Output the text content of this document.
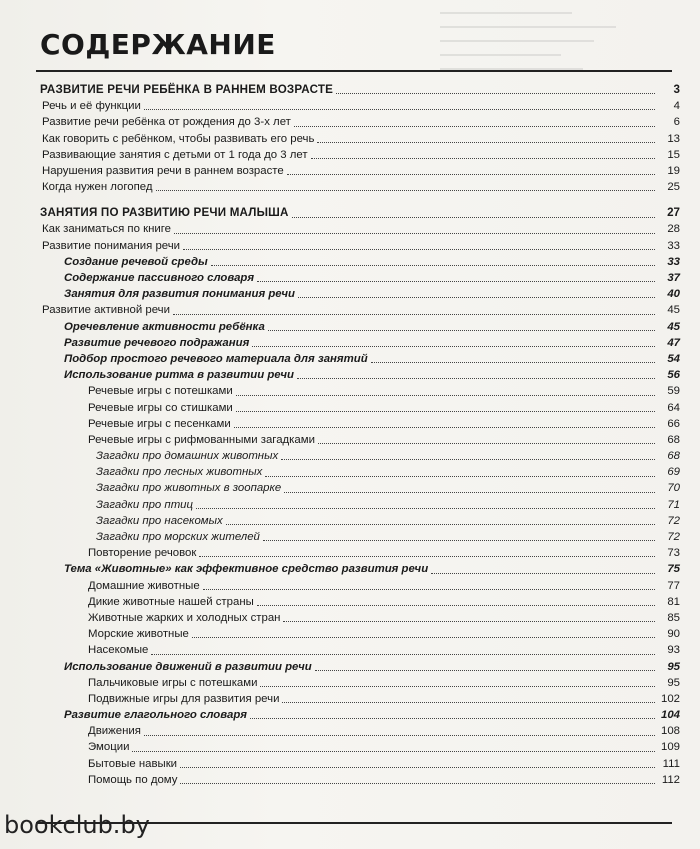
СОДЕРЖАНИЕ
РАЗВИТИЕ РЕЧИ РЕБЁНКА В РАННЕМ ВОЗРАСТЕ	3
Речь и её функции	4
Развитие речи ребёнка от рождения до 3-х лет	6
Как говорить с ребёнком, чтобы развивать его речь	13
Развивающие занятия с детьми от 1 года до 3 лет	15
Нарушения развития речи в раннем возрасте	19
Когда нужен логопед	25
ЗАНЯТИЯ ПО РАЗВИТИЮ РЕЧИ МАЛЫША	27
Как заниматься по книге	28
Развитие понимания речи	33
Создание речевой среды	33
Содержание пассивного словаря	37
Занятия для развития понимания речи	40
Развитие активной речи	45
Оречевление активности ребёнка	45
Развитие речевого подражания	47
Подбор простого речевого материала для занятий	54
Использование ритма в развитии речи	56
Речевые игры с потешками	59
Речевые игры со стишками	64
Речевые игры с песенками	66
Речевые игры с рифмованными загадками	68
Загадки про домашних животных	68
Загадки про лесных животных	69
Загадки про животных в зоопарке	70
Загадки про птиц	71
Загадки про насекомых	72
Загадки про морских жителей	72
Повторение речовок	73
Тема «Животные» как эффективное средство развития речи	75
Домашние животные	77
Дикие животные нашей страны	81
Животные жарких и холодных стран	85
Морские животные	90
Насекомые	93
Использование движений в развитии речи	95
Пальчиковые игры с потешками	95
Подвижные игры для развития речи	102
Развитие глагольного словаря	104
Движения	108
Эмоции	109
Бытовые навыки	111
Помощь по дому	112
bookclub.by
